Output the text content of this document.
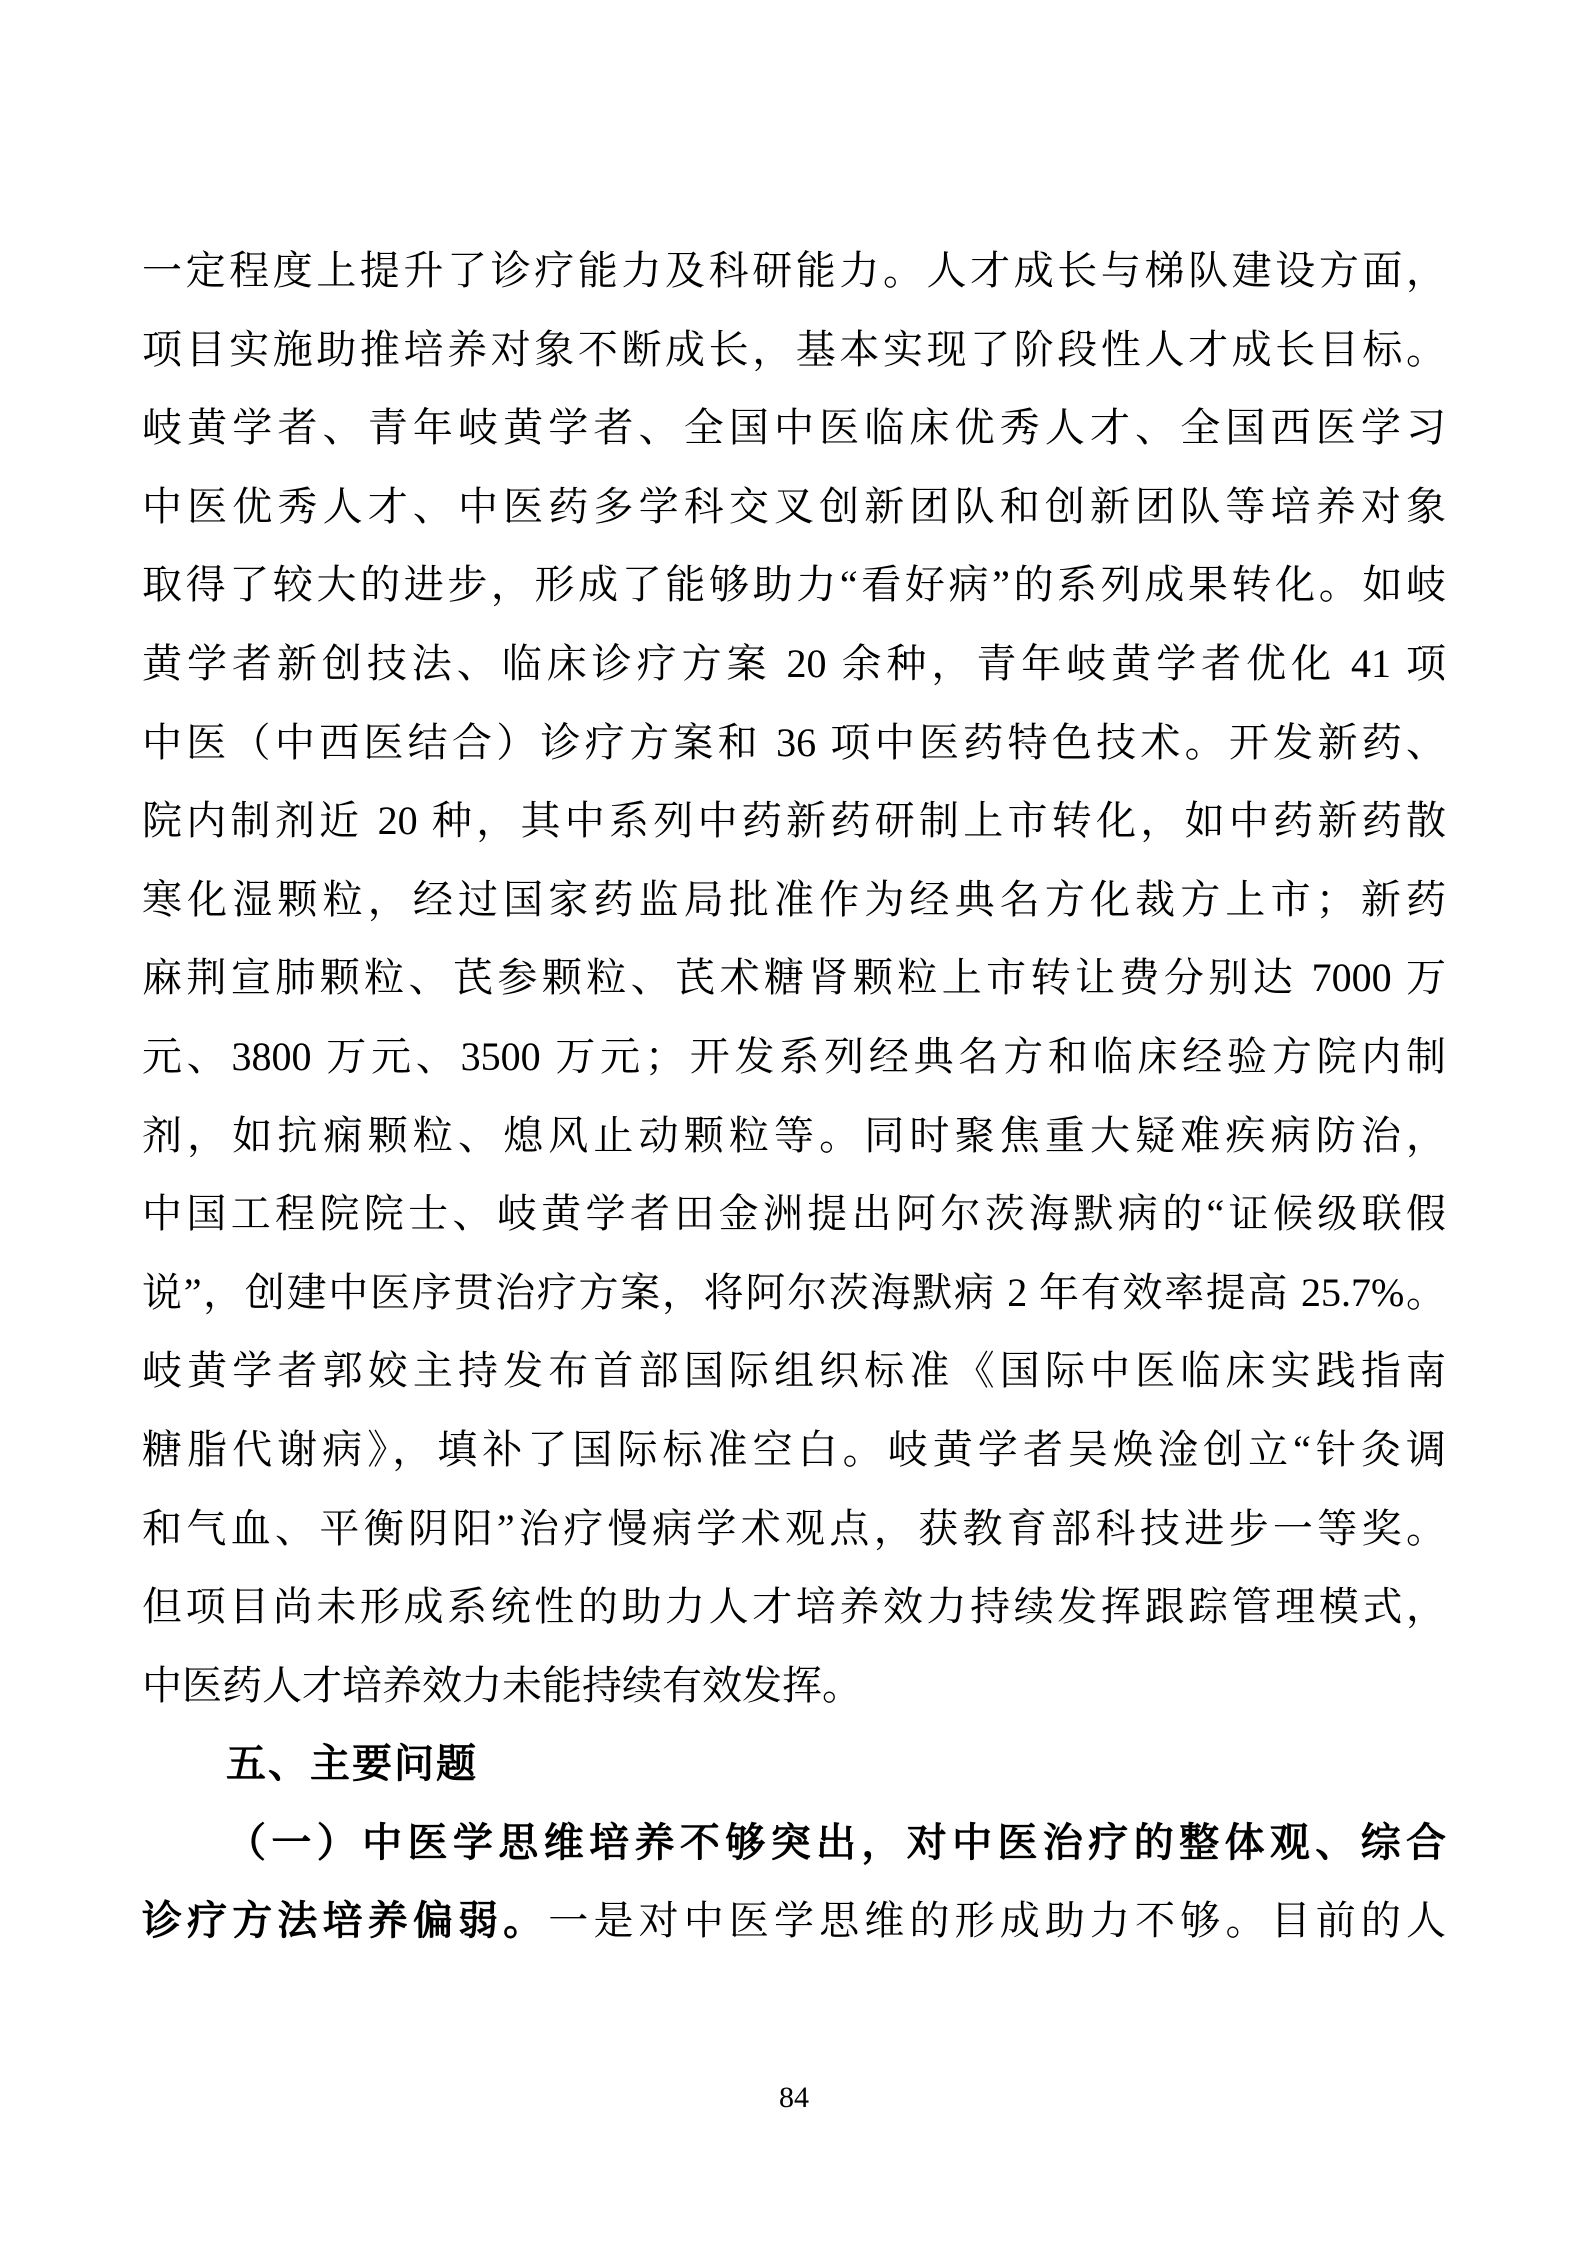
一定程度上提升了诊疗能力及科研能力。人才成长与梯队建设方面，
项目实施助推培养对象不断成长，基本实现了阶段性人才成长目标。
岐黄学者、青年岐黄学者、全国中医临床优秀人才、全国西医学习
中医优秀人才、中医药多学科交叉创新团队和创新团队等培养对象
取得了较大的进步，形成了能够助力“看好病”的系列成果转化。如岐
黄学者新创技法、临床诊疗方案 20 余种，青年岐黄学者优化 41 项
中医（中西医结合）诊疗方案和 36 项中医药特色技术。开发新药、
院内制剂近 20 种，其中系列中药新药研制上市转化，如中药新药散
寒化湿颗粒，经过国家药监局批准作为经典名方化裁方上市；新药
麻荆宣肺颗粒、芪参颗粒、芪术糖肾颗粒上市转让费分别达 7000 万
元、3800 万元、3500 万元；开发系列经典名方和临床经验方院内制
剂，如抗痫颗粒、熄风止动颗粒等。同时聚焦重大疑难疾病防治，
中国工程院院士、岐黄学者田金洲提出阿尔茨海默病的“证候级联假
说”，创建中医序贯治疗方案，将阿尔茨海默病 2 年有效率提高 25.7%。
岐黄学者郭姣主持发布首部国际组织标准《国际中医临床实践指南
糖脂代谢病》，填补了国际标准空白。岐黄学者吴焕淦创立“针灸调
和气血、平衡阴阳”治疗慢病学术观点，获教育部科技进步一等奖。
但项目尚未形成系统性的助力人才培养效力持续发挥跟踪管理模式，
中医药人才培养效力未能持续有效发挥。
五、主要问题
（一）中医学思维培养不够突出，对中医治疗的整体观、综合
诊疗方法培养偏弱。一是对中医学思维的形成助力不够。目前的人
84
